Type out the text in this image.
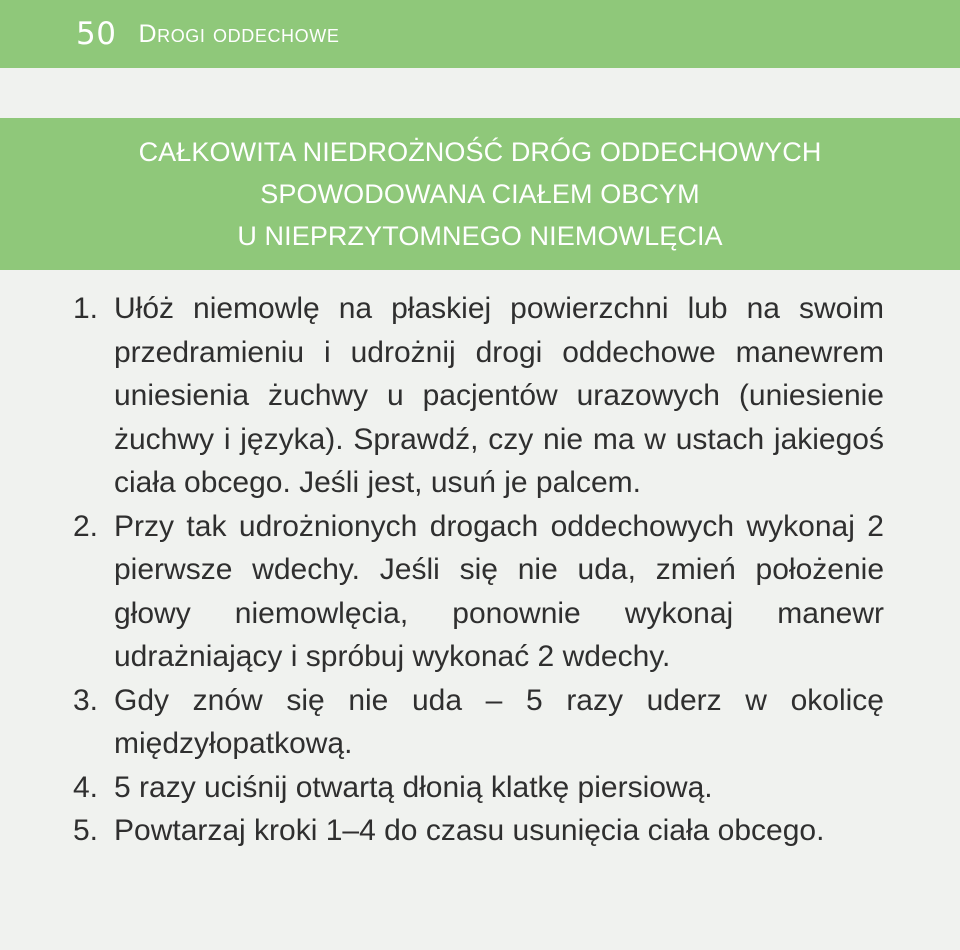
50 Drogi oddechowe
CAŁKOWITA NIEDROŻNOŚĆ DRÓG ODDECHOWYCH
SPOWODOWANA CIAŁEM OBCYM
U NIEPRZYTOMNEGO NIEMOWLĘCIA
1. Ułóż niemowlę na płaskiej powierzchni lub na swoim przedramieniu i udrożnij drogi oddechowe manewrem uniesienia żuchwy u pacjentów urazowych (uniesienie żuchwy i języka). Sprawdź, czy nie ma w ustach jakiegoś ciała obcego. Jeśli jest, usuń je palcem.
2. Przy tak udrożnionych drogach oddechowych wykonaj 2 pierwsze wdechy. Jeśli się nie uda, zmień położenie głowy niemowlęcia, ponownie wykonaj manewr udrażniający i spróbuj wykonać 2 wdechy.
3. Gdy znów się nie uda – 5 razy uderz w okolicę międzyłopatkową.
4. 5 razy uciśnij otwartą dłonią klatkę piersiową.
5. Powtarzaj kroki 1–4 do czasu usunięcia ciała obcego.
